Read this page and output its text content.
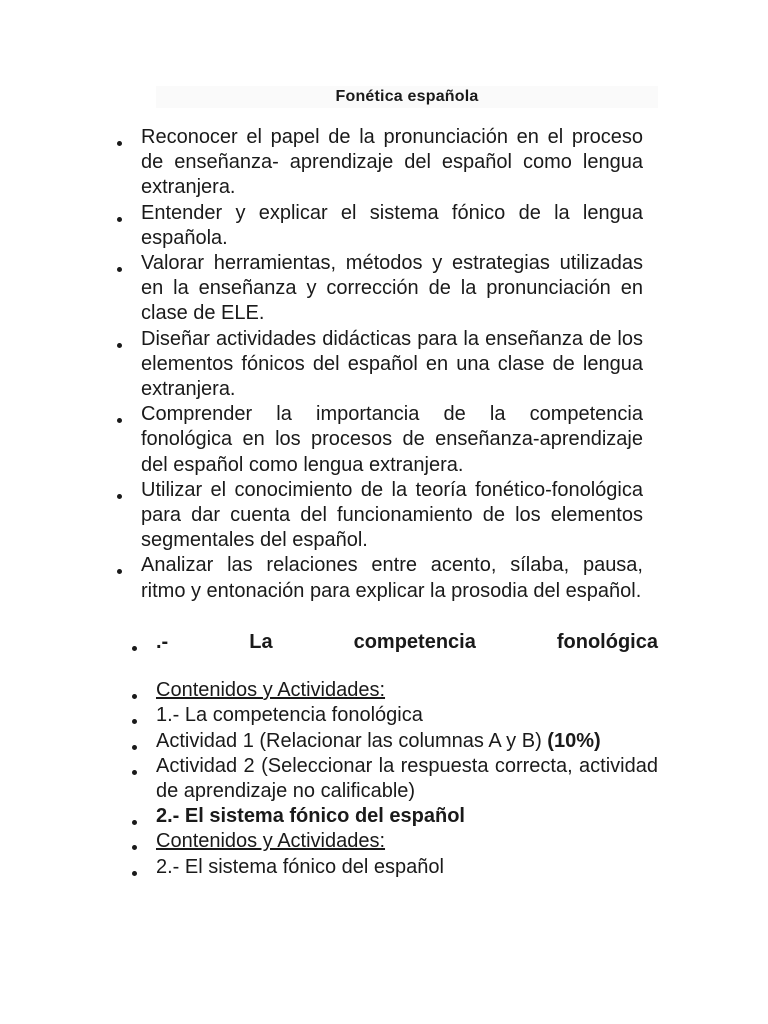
Fonética española
Reconocer el papel de la pronunciación en el proceso de enseñanza- aprendizaje del español como lengua extranjera.
Entender y explicar el sistema fónico de la lengua española.
Valorar herramientas, métodos y estrategias utilizadas en la enseñanza y corrección de la pronunciación en clase de ELE.
Diseñar actividades didácticas para la enseñanza de los elementos fónicos del español en una clase de lengua extranjera.
Comprender la importancia de la competencia fonológica en los procesos de enseñanza-aprendizaje del español como lengua extranjera.
Utilizar el conocimiento de la teoría fonético-fonológica para dar cuenta del funcionamiento de los elementos segmentales del español.
Analizar las relaciones entre acento, sílaba, pausa, ritmo y entonación para explicar la prosodia del español.
.-	La	competencia	fonológica
Contenidos y Actividades:
1.- La competencia fonológica
Actividad 1 (Relacionar las columnas A y B) (10%)
Actividad 2 (Seleccionar la respuesta correcta, actividad de aprendizaje no calificable)
2.- El sistema fónico del español
Contenidos y Actividades:
2.- El sistema fónico del español
